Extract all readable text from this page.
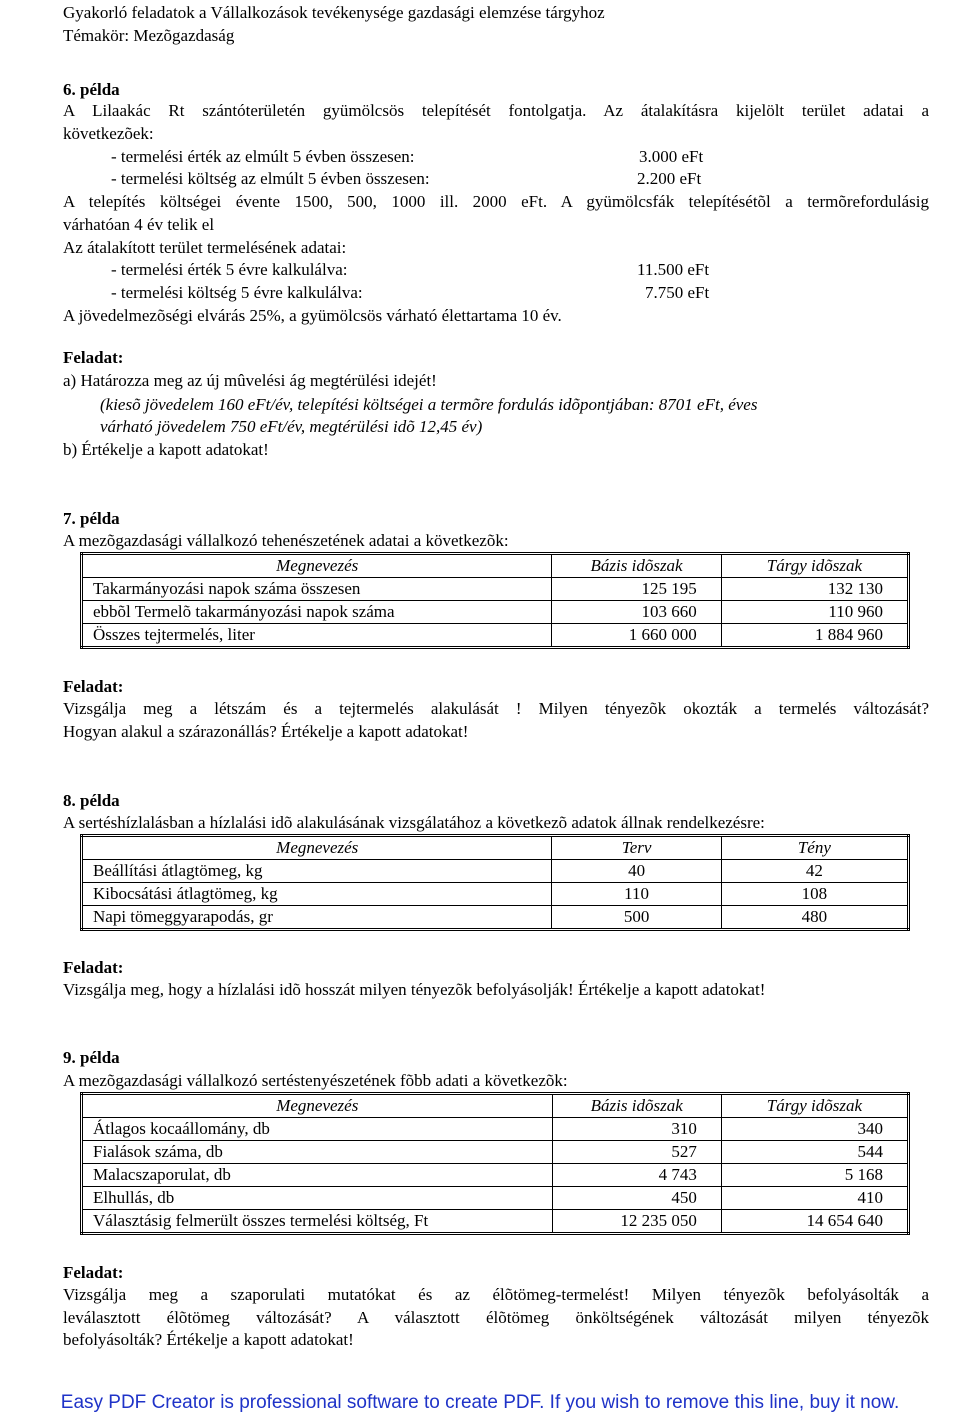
Gyakorló feladatok a Vállalkozások tevékenysége gazdasági elemzése tárgyhoz
Témakör: Mezõgazdaság
6. példa
A Lilaakác Rt szántóterületén gyümölcsös telepítését fontolgatja. Az átalakításra kijelölt terület adatai a
következõek:
- termelési érték az elmúlt 5 évben összesen:	3.000 eFt
- termelési költség az elmúlt 5 évben összesen:	2.200 eFt
A telepítés költségei évente 1500, 500, 1000 ill. 2000 eFt. A gyümölcsfák telepítésétõl a termõrefordulásig
várhatóan 4 év telik el
Az átalakított terület termelésének adatai:
- termelési érték 5 évre kalkulálva:	11.500 eFt
- termelési költség 5 évre kalkulálva:	7.750 eFt
A jövedelmezõségi elvárás 25%, a gyümölcsös várható élettartama 10 év.
Feladat:
a) Határozza meg az új mûvelési ág megtérülési idejét!
(kiesõ jövedelem 160 eFt/év, telepítési költségei a termõre fordulás idõpontjában: 8701 eFt, éves
várható jövedelem 750 eFt/év, megtérülési idõ 12,45 év)
b) Értékelje a kapott adatokat!
7. példa
A mezõgazdasági vállalkozó tehenészetének adatai a következõk:
Megnevezés	Bázis idõszak	Tárgy idõszak
Takarmányozási napok száma összesen	125 195	132 130
ebbõl Termelõ takarmányozási napok száma	103 660	110 960
Összes tejtermelés, liter	1 660 000	1 884 960
Feladat:
Vizsgálja meg a létszám és a tejtermelés alakulását ! Milyen tényezõk okozták a termelés változását?
Hogyan alakul a szárazonállás? Értékelje a kapott adatokat!
8. példa
A sertéshízlalásban a hízlalási idõ alakulásának vizsgálatához a következõ adatok állnak rendelkezésre:
Megnevezés	Terv	Tény
Beállítási átlagtömeg, kg	40	42
Kibocsátási átlagtömeg, kg	110	108
Napi tömeggyarapodás, gr	500	480
Feladat:
Vizsgálja meg, hogy a hízlalási idõ hosszát milyen tényezõk befolyásolják! Értékelje a kapott adatokat!
9. példa
A mezõgazdasági vállalkozó sertéstenyészetének fõbb adati a következõk:
Megnevezés	Bázis idõszak	Tárgy idõszak
Átlagos kocaállomány, db	310	340
Fialások száma, db	527	544
Malacszaporulat, db	4 743	5 168
Elhullás, db	450	410
Választásig felmerült összes termelési költség, Ft	12 235 050	14 654 640
Feladat:
Vizsgálja meg a szaporulati mutatókat és az élõtömeg-termelést! Milyen tényezõk befolyásolták a
leválasztott élõtömeg változását? A választott élõtömeg önköltségének változását milyen tényezõk
befolyásolták? Értékelje a kapott adatokat!
Easy PDF Creator is professional software to create PDF. If you wish to remove this line, buy it now.
